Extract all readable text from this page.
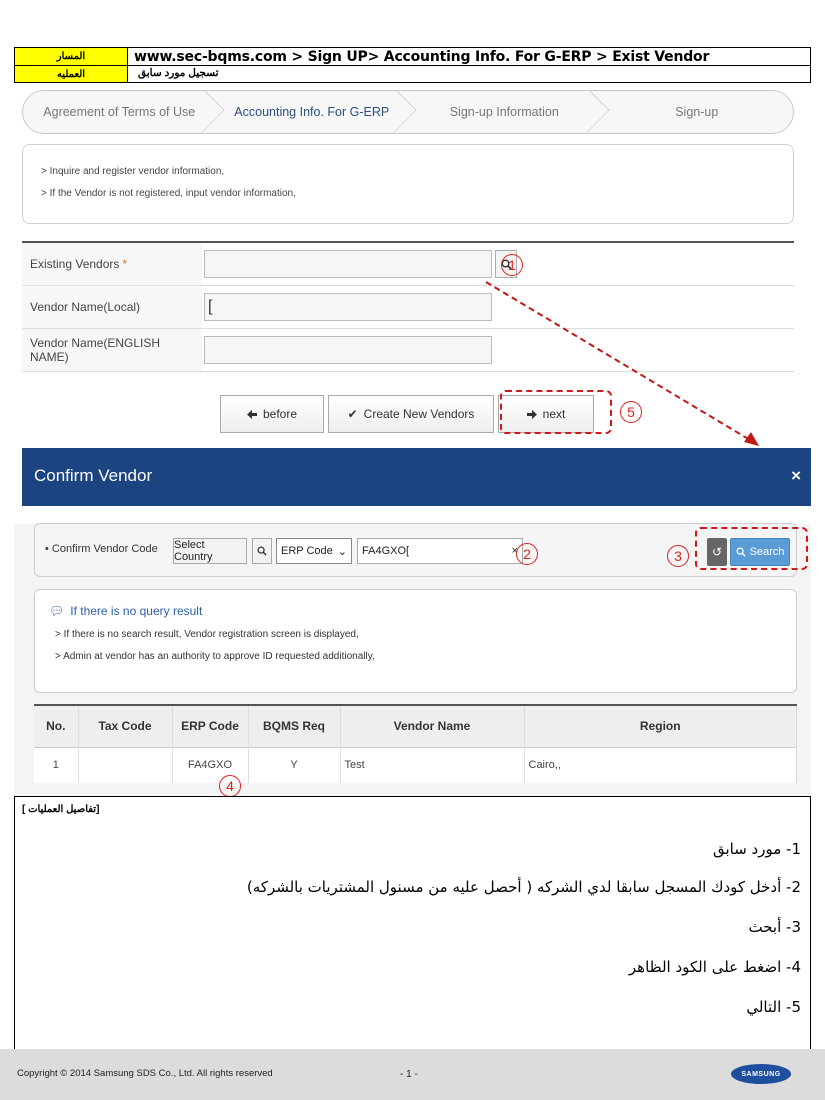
المسار	www.sec-bqms.com > Sign UP> Accounting Info. For G-ERP > Exist Vendor
العمليه	تسجيل مورد سابق
Agreement of Terms of Use	Accounting Info. For G-ERP	Sign-up Information	Sign-up
> Inquire and register vendor information,
> If the Vendor is not registered, input vendor information,
Existing Vendors *
Vendor Name(Local)	[
Vendor Name(ENGLISH NAME)
before	✔ Create New Vendors	next
Confirm Vendor	×
• Confirm Vendor Code Select Country	ERP Code ⌄ FA4GXO[	×	↺	Search
💬︎ If there is no query result
> If there is no search result, Vendor registration screen is displayed,
> Admin at vendor has an authority to approve ID requested additionally,
No.	Tax Code	ERP Code	BQMS Req	Vendor Name	Region
1		FA4GXO	Y	Test	Cairo,,
1
2	3
4
5
[تفاصيل العمليات ]
1- مورد سابق
2- أدخل كودك المسجل سابقا لدي الشركه ( أحصل عليه من مسنول المشتريات بالشركه)
3- أبحث
4- اضغط على الكود الظاهر
5- التالي
Copyright © 2014 Samsung SDS Co., Ltd. All rights reserved	- 1 -	SAMSUNG
